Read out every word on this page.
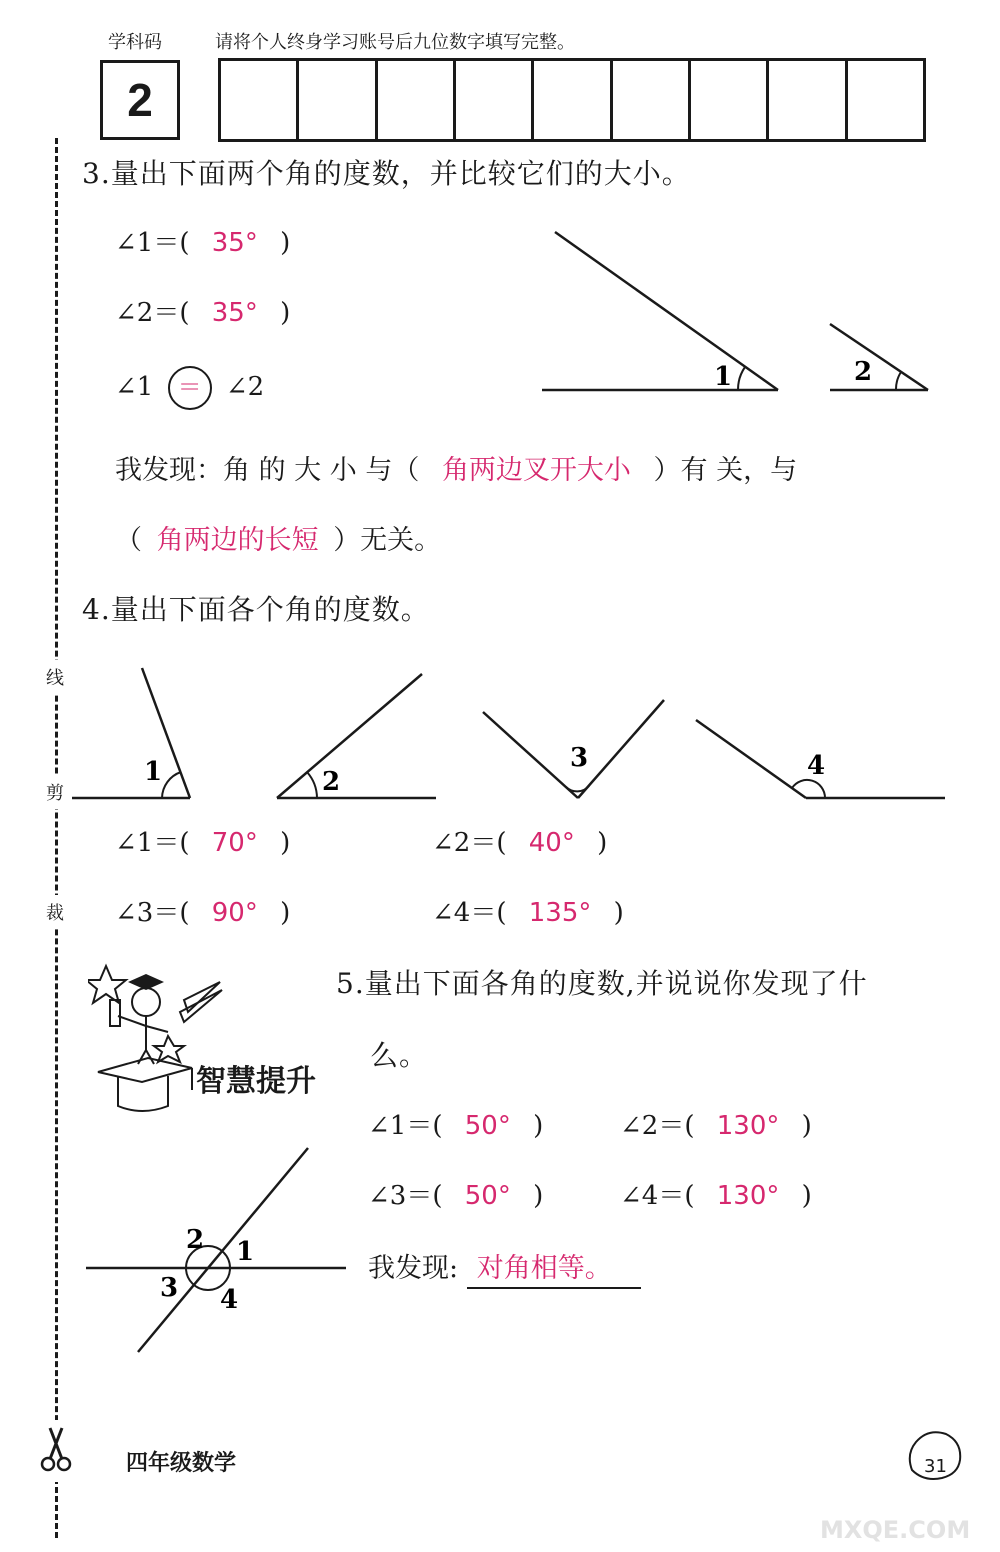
学科码	请将个人终身学习账号后九位数字填写完整。
2
线
剪
裁
3.量出下面两个角的度数，并比较它们的大小。
∠1＝( 35° )
∠2＝( 35° )
∠1 ＝ ∠2	1	2
我发现：角 的 大 小 与（ 角两边叉开大小 ）有 关，与
（ 角两边的长短 ）无关。
4.量出下面各个角的度数。
1	2
3	4
∠1＝( 70° )	∠2＝( 40° )
∠3＝( 90° )	∠4＝( 135° )
智慧提升
5.量出下面各角的度数,并说说你发现了什
么。
∠1＝( 50° )	∠2＝( 130° )
∠3＝( 50° )	∠4＝( 130° )
我发现: 对角相等。
2 1
3 4
四年级数学	31
MXQE.COM
